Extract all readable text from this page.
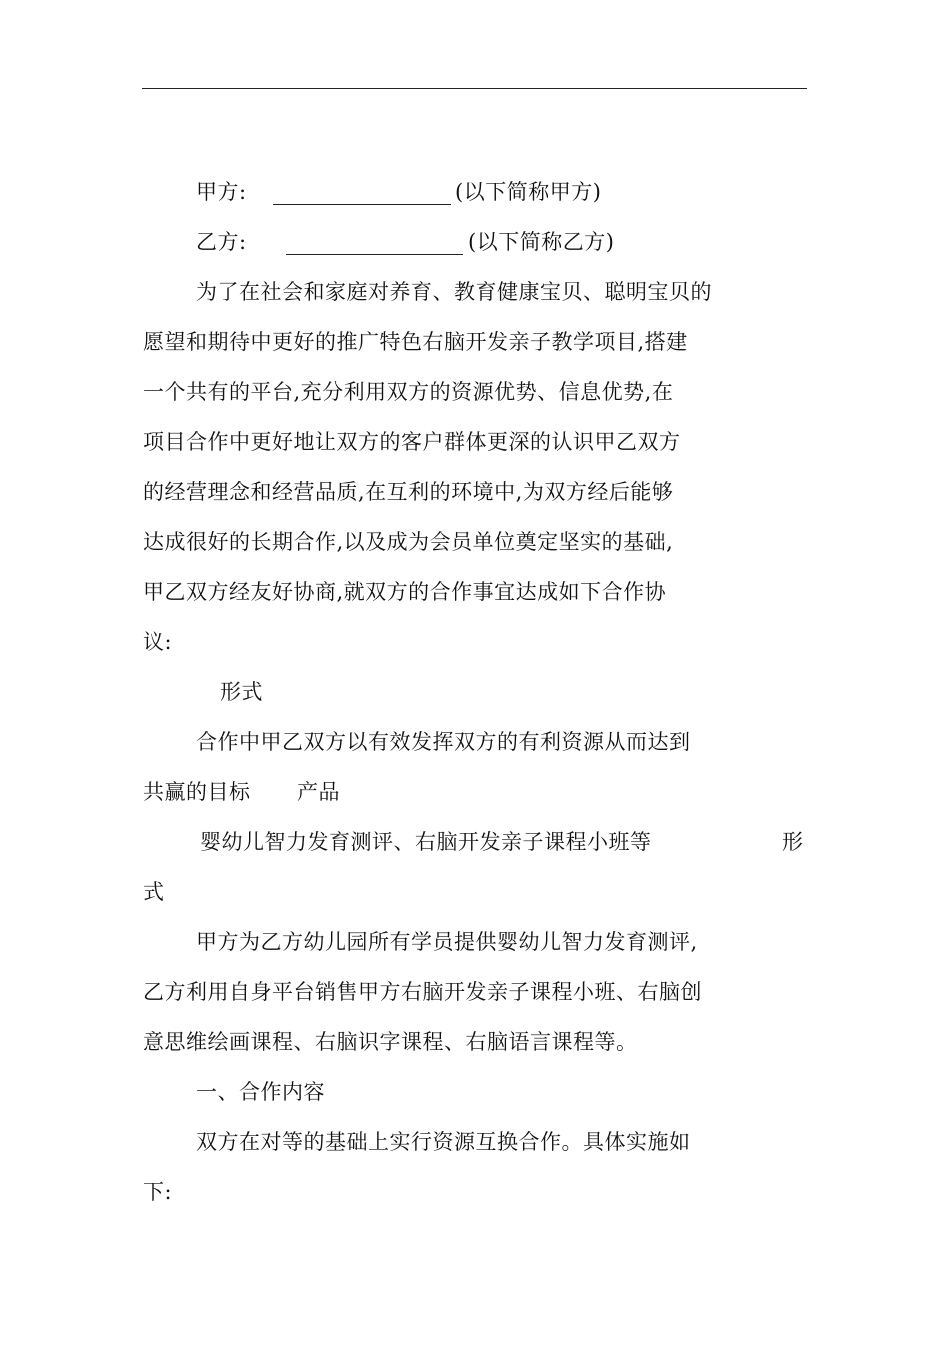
甲方:	(以下简称甲方)
乙方:	(以下简称乙方)
为了在社会和家庭对养育、教育健康宝贝、聪明宝贝的
愿望和期待中更好的推广特色右脑开发亲子教学项目,搭建
一个共有的平台,充分利用双方的资源优势、信息优势,在
项目合作中更好地让双方的客户群体更深的认识甲乙双方
的经营理念和经营品质,在互利的环境中,为双方经后能够
达成很好的长期合作,以及成为会员单位奠定坚实的基础,
甲乙双方经友好协商,就双方的合作事宜达成如下合作协
议:
形式
合作中甲乙双方以有效发挥双方的有利资源从而达到
共赢的目标 产品
婴幼儿智力发育测评、右脑开发亲子课程小班等	形
式
甲方为乙方幼儿园所有学员提供婴幼儿智力发育测评,
乙方利用自身平台销售甲方右脑开发亲子课程小班、右脑创
意思维绘画课程、右脑识字课程、右脑语言课程等。
一、合作内容
双方在对等的基础上实行资源互换合作。具体实施如
下:
